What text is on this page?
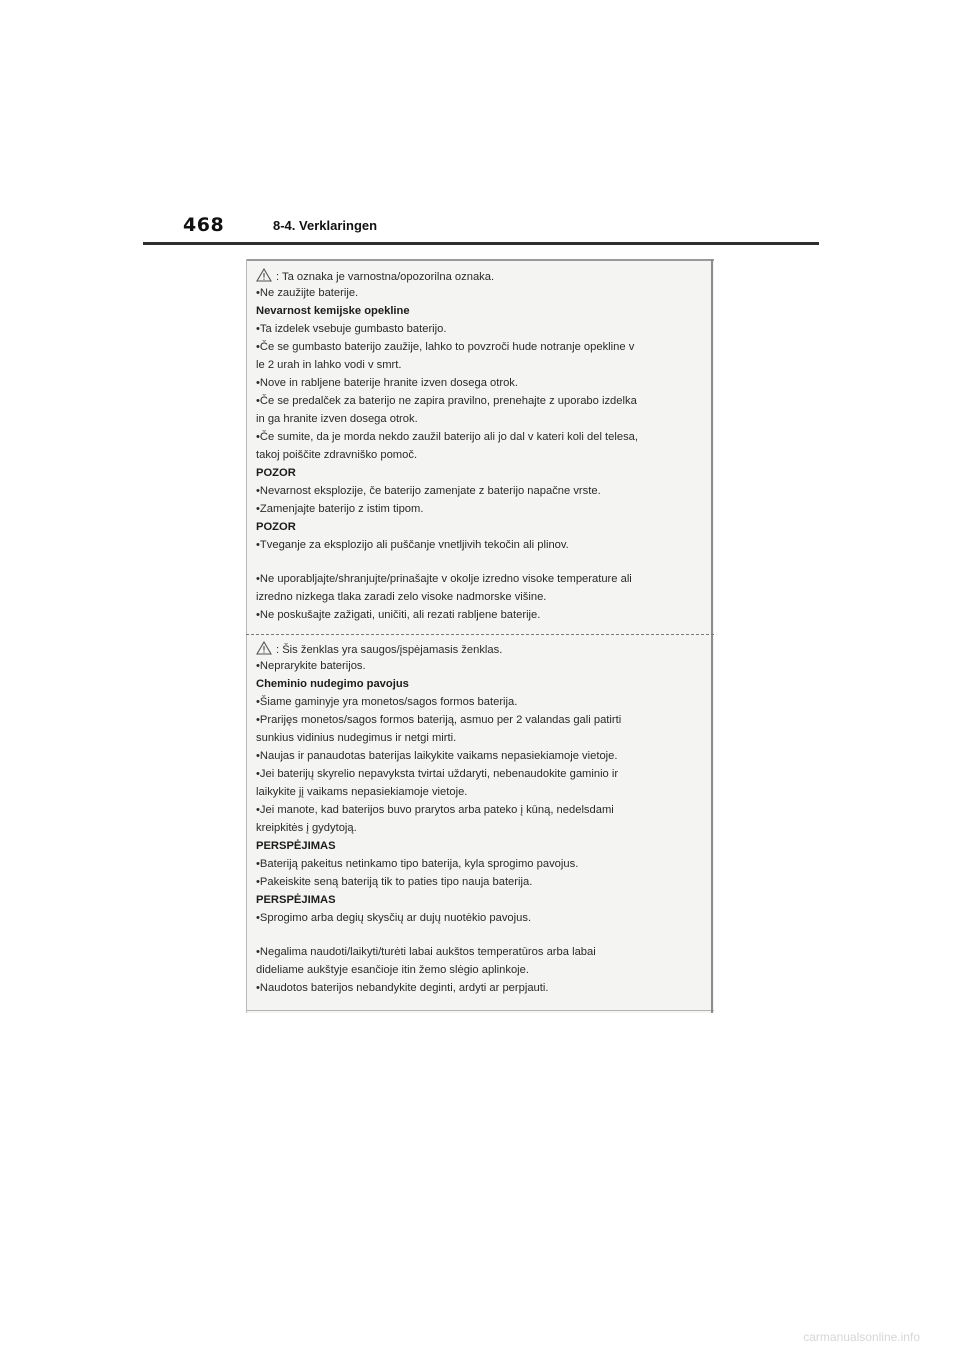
468	8-4. Verklaringen
: Ta oznaka je varnostna/opozorilna oznaka.
•Ne zaužijte baterije.
Nevarnost kemijske opekline
•Ta izdelek vsebuje gumbasto baterijo.
•Če se gumbasto baterijo zaužije, lahko to povzroči hude notranje opekline v
le 2 urah in lahko vodi v smrt.
•Nove in rabljene baterije hranite izven dosega otrok.
•Če se predalček za baterijo ne zapira pravilno, prenehajte z uporabo izdelka
in ga hranite izven dosega otrok.
•Če sumite, da je morda nekdo zaužil baterijo ali jo dal v kateri koli del telesa,
takoj poiščite zdravniško pomoč.
POZOR
•Nevarnost eksplozije, če baterijo zamenjate z baterijo napačne vrste.
•Zamenjajte baterijo z istim tipom.
POZOR
•Tveganje za eksplozijo ali puščanje vnetljivih tekočin ali plinov.
•Ne uporabljajte/shranjujte/prinašajte v okolje izredno visoke temperature ali
izredno nizkega tlaka zaradi zelo visoke nadmorske višine.
•Ne poskušajte zažigati, uničiti, ali rezati rabljene baterije.
: Šis ženklas yra saugos/įspėjamasis ženklas.
•Neprarykite baterijos.
Cheminio nudegimo pavojus
•Šiame gaminyje yra monetos/sagos formos baterija.
•Prarijęs monetos/sagos formos bateriją, asmuo per 2 valandas gali patirti
sunkius vidinius nudegimus ir netgi mirti.
•Naujas ir panaudotas baterijas laikykite vaikams nepasiekiamoje vietoje.
•Jei baterijų skyrelio nepavyksta tvirtai uždaryti, nebenaudokite gaminio ir
laikykite jį vaikams nepasiekiamoje vietoje.
•Jei manote, kad baterijos buvo prarytos arba pateko į kūną, nedelsdami
kreipkitės į gydytoją.
PERSPĖJIMAS
•Bateriją pakeitus netinkamo tipo baterija, kyla sprogimo pavojus.
•Pakeiskite seną bateriją tik to paties tipo nauja baterija.
PERSPĖJIMAS
•Sprogimo arba degių skysčių ar dujų nuotėkio pavojus.
•Negalima naudoti/laikyti/turėti labai aukštos temperatūros arba labai
dideliame aukštyje esančioje itin žemo slėgio aplinkoje.
•Naudotos baterijos nebandykite deginti, ardyti ar perpjauti.
carmanualsonline.info
